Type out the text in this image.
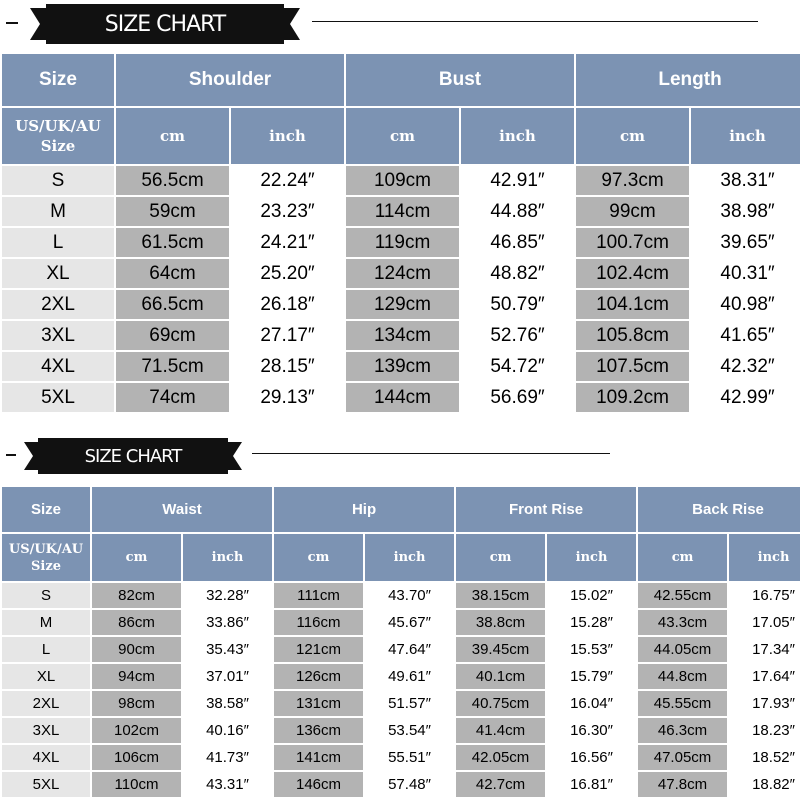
SIZE CHART
Size	Shoulder		Bust		Length	
US/UK/AU Size	cm	inch	cm	inch	cm	inch
S	56.5cm	22.24″	109cm	42.91″	97.3cm	38.31″
M	59cm	23.23″	114cm	44.88″	99cm	38.98″
L	61.5cm	24.21″	119cm	46.85″	100.7cm	39.65″
XL	64cm	25.20″	124cm	48.82″	102.4cm	40.31″
2XL	66.5cm	26.18″	129cm	50.79″	104.1cm	40.98″
3XL	69cm	27.17″	134cm	52.76″	105.8cm	41.65″
4XL	71.5cm	28.15″	139cm	54.72″	107.5cm	42.32″
5XL	74cm	29.13″	144cm	56.69″	109.2cm	42.99″
SIZE CHART
Size	Waist		Hip		Front Rise		Back Rise	
US/UK/AU Size	cm	inch	cm	inch	cm	inch	cm	inch
S	82cm	32.28″	111cm	43.70″	38.15cm	15.02″	42.55cm	16.75″
M	86cm	33.86″	116cm	45.67″	38.8cm	15.28″	43.3cm	17.05″
L	90cm	35.43″	121cm	47.64″	39.45cm	15.53″	44.05cm	17.34″
XL	94cm	37.01″	126cm	49.61″	40.1cm	15.79″	44.8cm	17.64″
2XL	98cm	38.58″	131cm	51.57″	40.75cm	16.04″	45.55cm	17.93″
3XL	102cm	40.16″	136cm	53.54″	41.4cm	16.30″	46.3cm	18.23″
4XL	106cm	41.73″	141cm	55.51″	42.05cm	16.56″	47.05cm	18.52″
5XL	110cm	43.31″	146cm	57.48″	42.7cm	16.81″	47.8cm	18.82″
